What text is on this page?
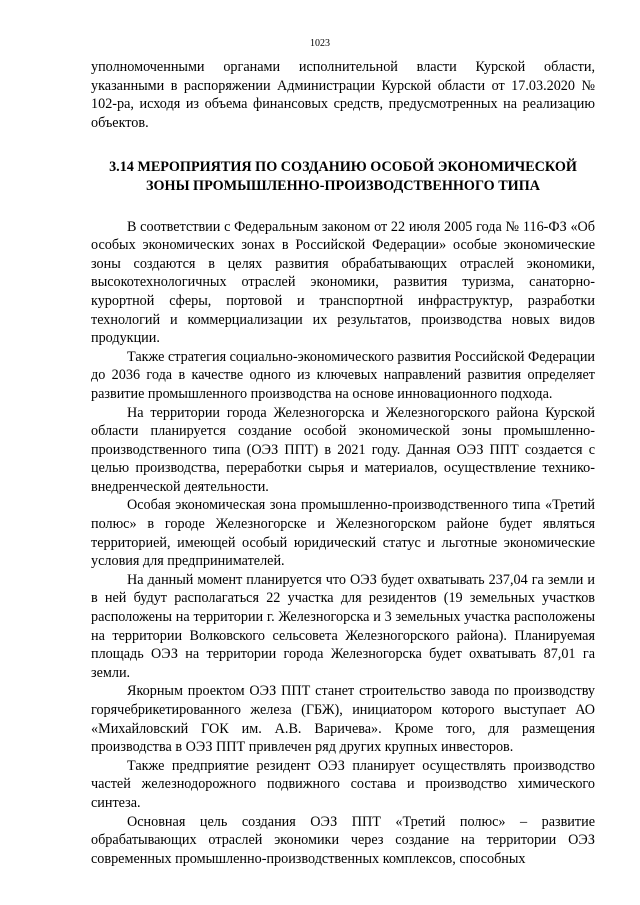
1023

уполномоченными органами исполнительной власти Курской области, указанными в распоряжении Администрации Курской области от 17.03.2020 № 102-ра, исходя из объема финансовых средств, предусмотренных на реализацию объектов.

3.14 МЕРОПРИЯТИЯ ПО СОЗДАНИЮ ОСОБОЙ ЭКОНОМИЧЕСКОЙ ЗОНЫ ПРОМЫШЛЕННО-ПРОИЗВОДСТВЕННОГО ТИПА

В соответствии с Федеральным законом от 22 июля 2005 года № 116-ФЗ «Об особых экономических зонах в Российской Федерации» особые экономические зоны создаются в целях развития обрабатывающих отраслей экономики, высокотехнологичных отраслей экономики, развития туризма, санаторно-курортной сферы, портовой и транспортной инфраструктур, разработки технологий и коммерциализации их результатов, производства новых видов продукции.

Также стратегия социально-экономического развития Российской Федерации до 2036 года в качестве одного из ключевых направлений развития определяет развитие промышленного производства на основе инновационного подхода.

На территории города Железногорска и Железногорского района Курской области планируется создание особой экономической зоны промышленно-производственного типа (ОЭЗ ППТ) в 2021 году. Данная ОЭЗ ППТ создается с целью производства, переработки сырья и материалов, осуществление технико-внедренческой деятельности.

Особая экономическая зона промышленно-производственного типа «Третий полюс» в городе Железногорске и Железногорском районе будет являться территорией, имеющей особый юридический статус и льготные экономические условия для предпринимателей.

На данный момент планируется что ОЭЗ будет охватывать 237,04 га земли и в ней будут располагаться 22 участка для резидентов (19 земельных участков расположены на территории г. Железногорска и 3 земельных участка расположены на территории Волковского сельсовета Железногорского района). Планируемая площадь ОЭЗ на территории города Железногорска будет охватывать 87,01 га земли.

Якорным проектом ОЭЗ ППТ станет строительство завода по производству горячебрикетированного железа (ГБЖ), инициатором которого выступает АО «Михайловский ГОК им. А.В. Варичева». Кроме того, для размещения производства в ОЭЗ ППТ привлечен ряд других крупных инвесторов.

Также предприятие резидент ОЭЗ планирует осуществлять производство частей железнодорожного подвижного состава и производство химического синтеза.

Основная цель создания ОЭЗ ППТ «Третий полюс» – развитие обрабатывающих отраслей экономики через создание на территории ОЭЗ современных промышленно-производственных комплексов, способных
